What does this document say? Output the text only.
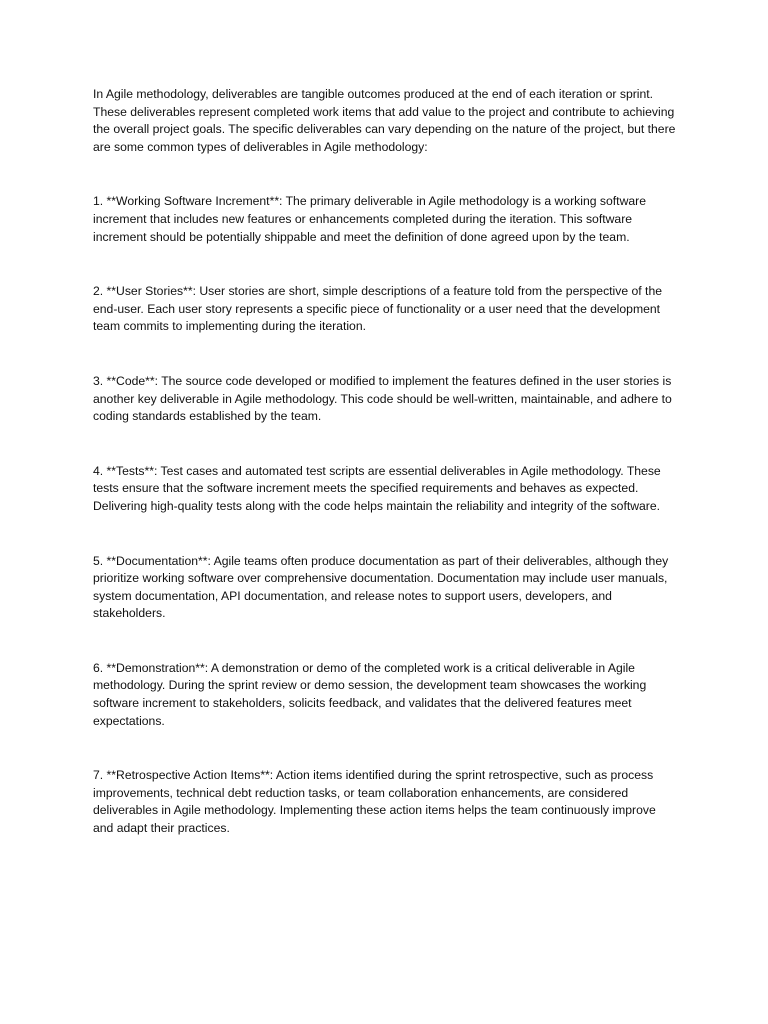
In Agile methodology, deliverables are tangible outcomes produced at the end of each iteration or sprint. These deliverables represent completed work items that add value to the project and contribute to achieving the overall project goals. The specific deliverables can vary depending on the nature of the project, but there are some common types of deliverables in Agile methodology:

1. **Working Software Increment**: The primary deliverable in Agile methodology is a working software increment that includes new features or enhancements completed during the iteration. This software increment should be potentially shippable and meet the definition of done agreed upon by the team.

2. **User Stories**: User stories are short, simple descriptions of a feature told from the perspective of the end-user. Each user story represents a specific piece of functionality or a user need that the development team commits to implementing during the iteration.

3. **Code**: The source code developed or modified to implement the features defined in the user stories is another key deliverable in Agile methodology. This code should be well-written, maintainable, and adhere to coding standards established by the team.

4. **Tests**: Test cases and automated test scripts are essential deliverables in Agile methodology. These tests ensure that the software increment meets the specified requirements and behaves as expected. Delivering high-quality tests along with the code helps maintain the reliability and integrity of the software.

5. **Documentation**: Agile teams often produce documentation as part of their deliverables, although they prioritize working software over comprehensive documentation. Documentation may include user manuals, system documentation, API documentation, and release notes to support users, developers, and stakeholders.

6. **Demonstration**: A demonstration or demo of the completed work is a critical deliverable in Agile methodology. During the sprint review or demo session, the development team showcases the working software increment to stakeholders, solicits feedback, and validates that the delivered features meet expectations.

7. **Retrospective Action Items**: Action items identified during the sprint retrospective, such as process improvements, technical debt reduction tasks, or team collaboration enhancements, are considered deliverables in Agile methodology. Implementing these action items helps the team continuously improve and adapt their practices.
